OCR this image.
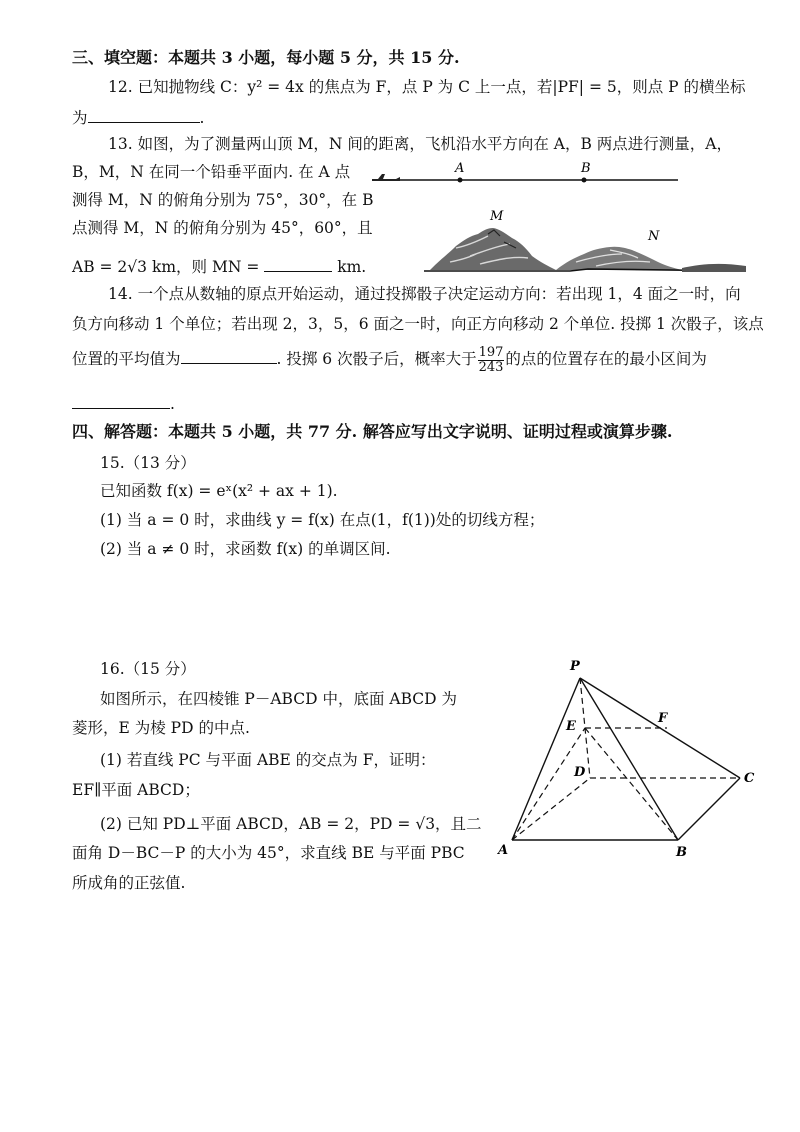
三、填空题：本题共 3 小题，每小题 5 分，共 15 分.
12. 已知抛物线 C：y² = 4x 的焦点为 F，点 P 为 C 上一点，若|PF| = 5，则点 P 的横坐标
为	.
13. 如图，为了测量两山顶 M，N 间的距离，飞机沿水平方向在 A，B 两点进行测量，A，
B，M，N 在同一个铅垂平面内. 在 A 点
测得 M，N 的俯角分别为 75°，30°，在 B
点测得 M，N 的俯角分别为 45°，60°，且
AB = 2√3 km，则 MN =	km.
A	B
M
N
14. 一个点从数轴的原点开始运动，通过投掷骰子决定运动方向：若出现 1，4 面之一时，向
负方向移动 1 个单位；若出现 2，3，5，6 面之一时，向正方向移动 2 个单位. 投掷 1 次骰子，该点
位置的平均值为	. 投掷 6 次骰子后，概率大于 $\frac{197}{243}$ 的点的位置存在的最小区间为
.
四、解答题：本题共 5 小题，共 77 分. 解答应写出文字说明、证明过程或演算步骤.
15.（13 分）
已知函数 f(x) = eˣ(x² + ax + 1).
(1) 当 a = 0 时，求曲线 y = f(x) 在点(1，f(1))处的切线方程；
(2) 当 a ≠ 0 时，求函数 f(x) 的单调区间.
16.（15 分）
如图所示，在四棱锥 P－ABCD 中，底面 ABCD 为
菱形，E 为棱 PD 的中点.
(1) 若直线 PC 与平面 ABE 的交点为 F，证明：
EF∥平面 ABCD；
(2) 已知 PD⊥平面 ABCD，AB = 2，PD = √3，且二
面角 D－BC－P 的大小为 45°，求直线 BE 与平面 PBC
所成角的正弦值.
P
A	B
C
D
E
F
